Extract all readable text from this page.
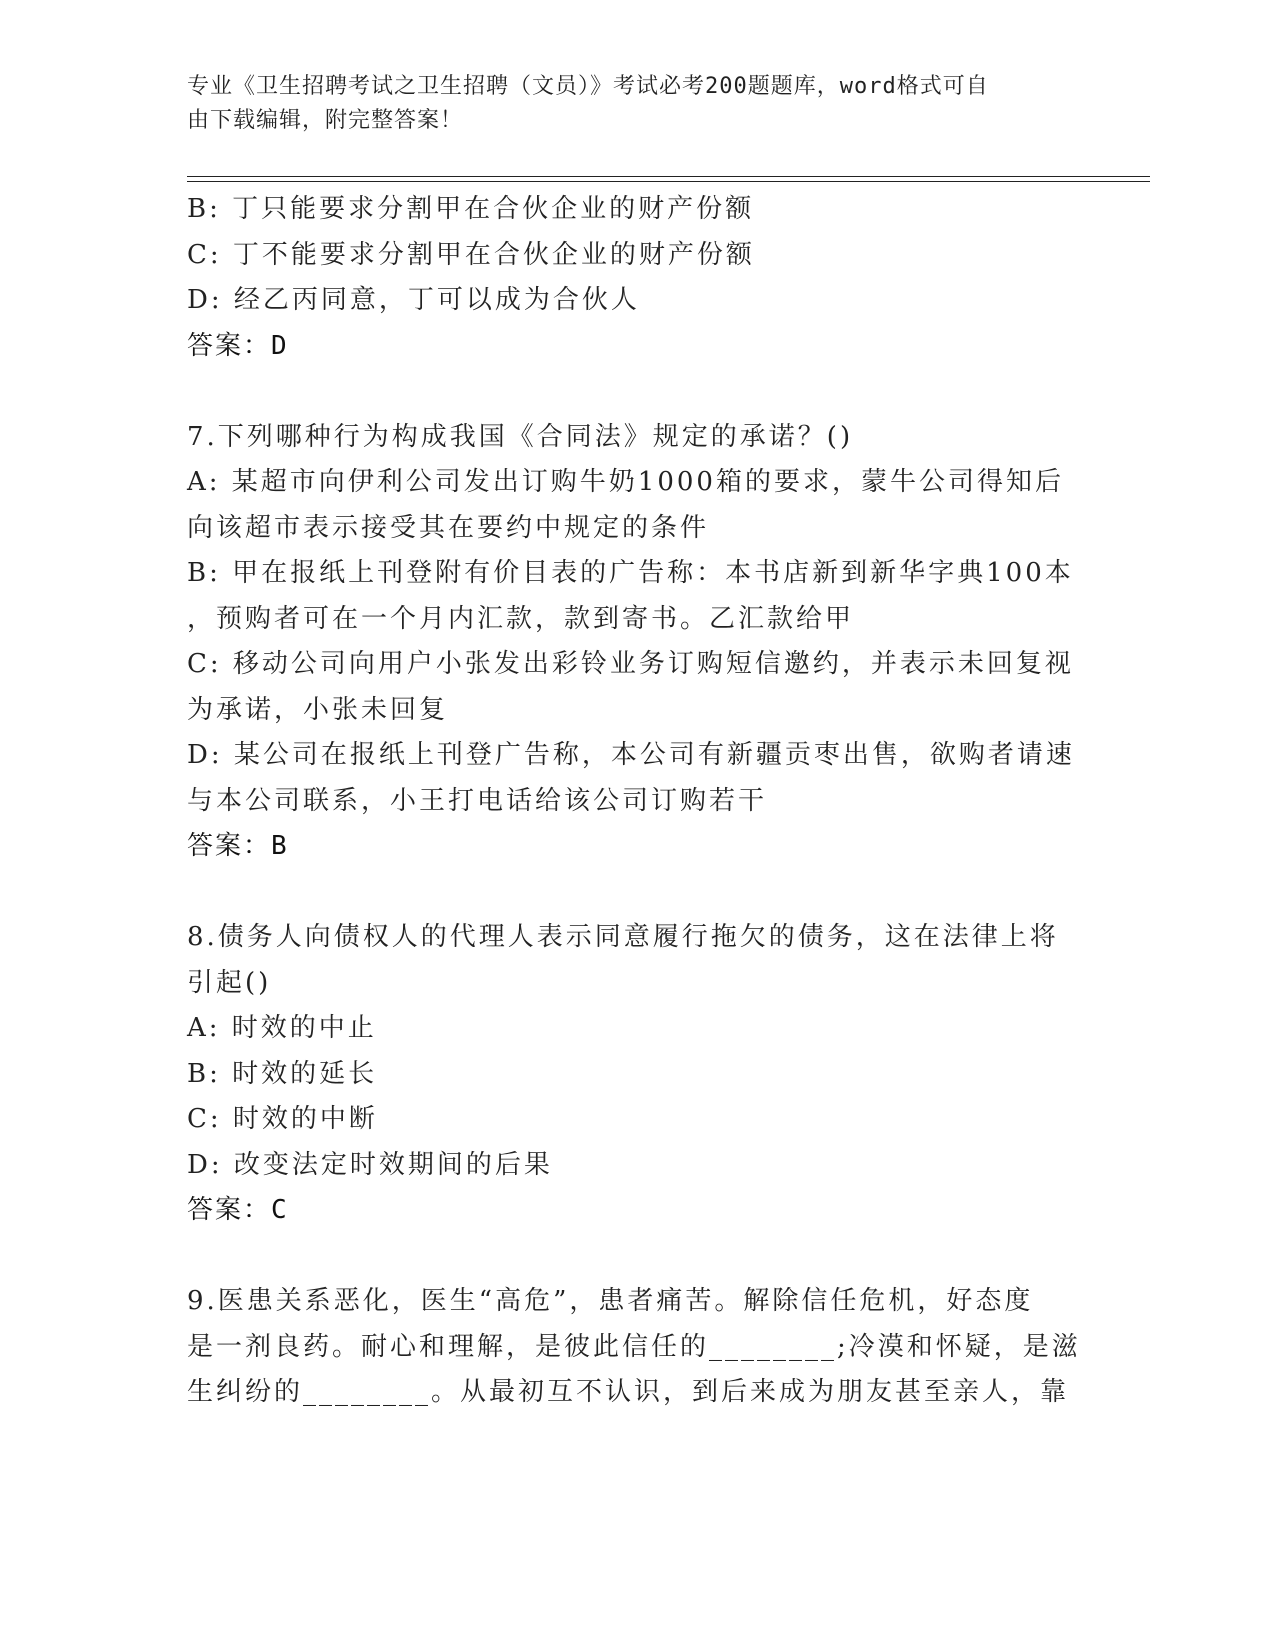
专业《卫生招聘考试之卫生招聘（文员）》考试必考200题题库，word格式可自
由下载编辑，附完整答案！
B: 丁只能要求分割甲在合伙企业的财产份额
C: 丁不能要求分割甲在合伙企业的财产份额
D: 经乙丙同意，丁可以成为合伙人
答案：D
7.下列哪种行为构成我国《合同法》规定的承诺？()
A: 某超市向伊利公司发出订购牛奶1000箱的要求，蒙牛公司得知后
向该超市表示接受其在要约中规定的条件
B: 甲在报纸上刊登附有价目表的广告称：本书店新到新华字典100本
，预购者可在一个月内汇款，款到寄书。乙汇款给甲
C: 移动公司向用户小张发出彩铃业务订购短信邀约，并表示未回复视
为承诺，小张未回复
D: 某公司在报纸上刊登广告称，本公司有新疆贡枣出售，欲购者请速
与本公司联系，小王打电话给该公司订购若干
答案：B
8.债务人向债权人的代理人表示同意履行拖欠的债务，这在法律上将
引起()
A: 时效的中止
B: 时效的延长
C: 时效的中断
D: 改变法定时效期间的后果
答案：C
9.医患关系恶化，医生“高危”，患者痛苦。解除信任危机，好态度
是一剂良药。耐心和理解，是彼此信任的________;冷漠和怀疑，是滋
生纠纷的________。从最初互不认识，到后来成为朋友甚至亲人，靠
